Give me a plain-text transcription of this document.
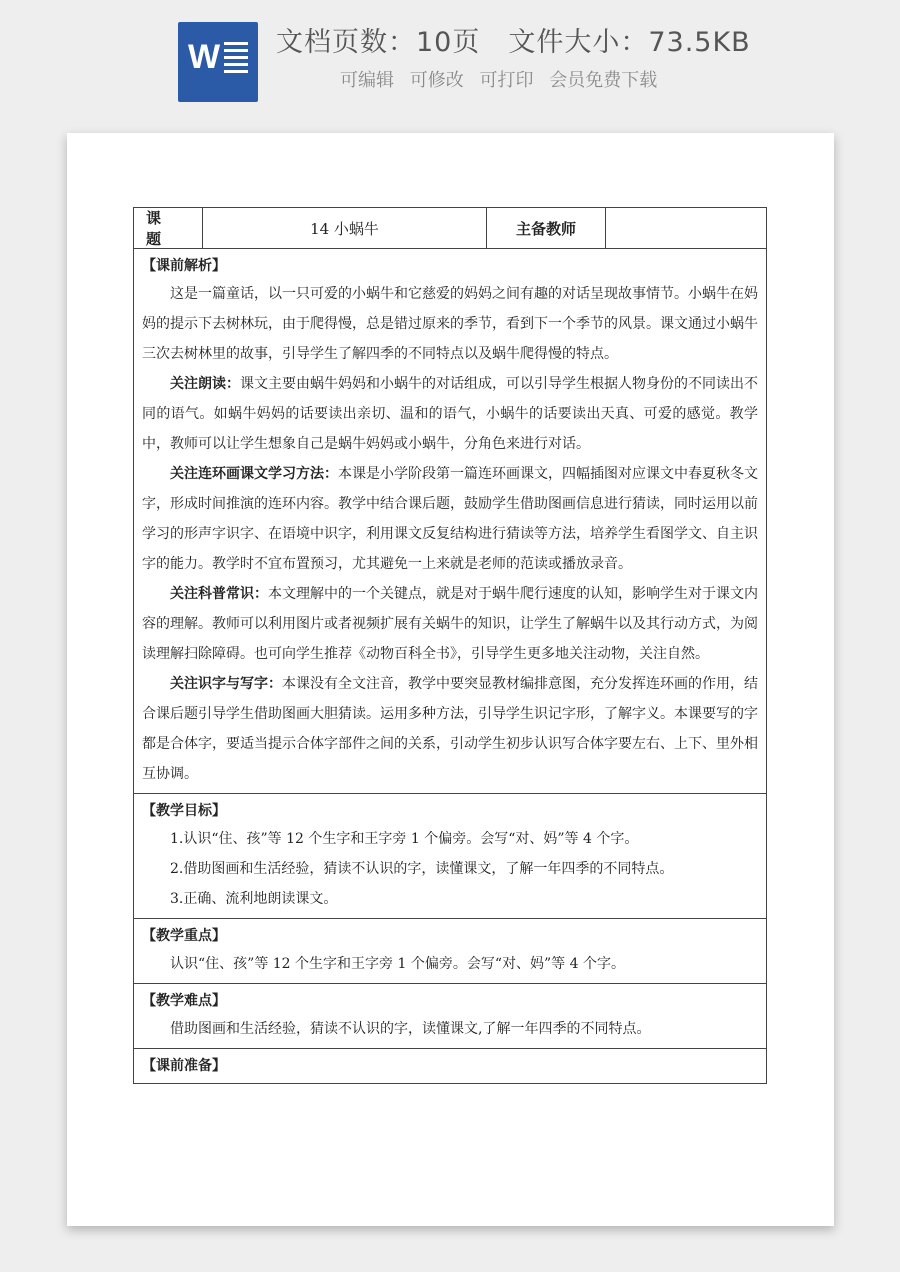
W 文档页数：10页 文件大小：73.5KB
可编辑 可修改 可打印 会员免费下载
课 题
14 小蜗牛	主备教师
【课前解析】
这是一篇童话，以一只可爱的小蜗牛和它慈爱的妈妈之间有趣的对话呈现故事情节。小蜗牛在妈妈的提示下去树林玩，由于爬得慢，总是错过原来的季节，看到下一个季节的风景。课文通过小蜗牛三次去树林里的故事，引导学生了解四季的不同特点以及蜗牛爬得慢的特点。
关注朗读：课文主要由蜗牛妈妈和小蜗牛的对话组成，可以引导学生根据人物身份的不同读出不同的语气。如蜗牛妈妈的话要读出亲切、温和的语气，小蜗牛的话要读出天真、可爱的感觉。教学中，教师可以让学生想象自己是蜗牛妈妈或小蜗牛，分角色来进行对话。
关注连环画课文学习方法：本课是小学阶段第一篇连环画课文，四幅插图对应课文中春夏秋冬文字，形成时间推演的连环内容。教学中结合课后题，鼓励学生借助图画信息进行猜读，同时运用以前学习的形声字识字、在语境中识字，利用课文反复结构进行猜读等方法，培养学生看图学文、自主识字的能力。教学时不宜布置预习，尤其避免一上来就是老师的范读或播放录音。
关注科普常识：本文理解中的一个关键点，就是对于蜗牛爬行速度的认知，影响学生对于课文内容的理解。教师可以利用图片或者视频扩展有关蜗牛的知识，让学生了解蜗牛以及其行动方式，为阅读理解扫除障碍。也可向学生推荐《动物百科全书》，引导学生更多地关注动物，关注自然。
关注识字与写字：本课没有全文注音，教学中要突显教材编排意图，充分发挥连环画的作用，结合课后题引导学生借助图画大胆猜读。运用多种方法，引导学生识记字形，了解字义。本课要写的字都是合体字，要适当提示合体字部件之间的关系，引动学生初步认识写合体字要左右、上下、里外相互协调。
【教学目标】
1.认识“住、孩”等 12 个生字和王字旁 1 个偏旁。会写“对、妈”等 4 个字。
2.借助图画和生活经验，猜读不认识的字，读懂课文，了解一年四季的不同特点。
3.正确、流利地朗读课文。
【教学重点】
认识“住、孩”等 12 个生字和王字旁 1 个偏旁。会写“对、妈”等 4 个字。
【教学难点】
借助图画和生活经验，猜读不认识的字，读懂课文,了解一年四季的不同特点。
【课前准备】
